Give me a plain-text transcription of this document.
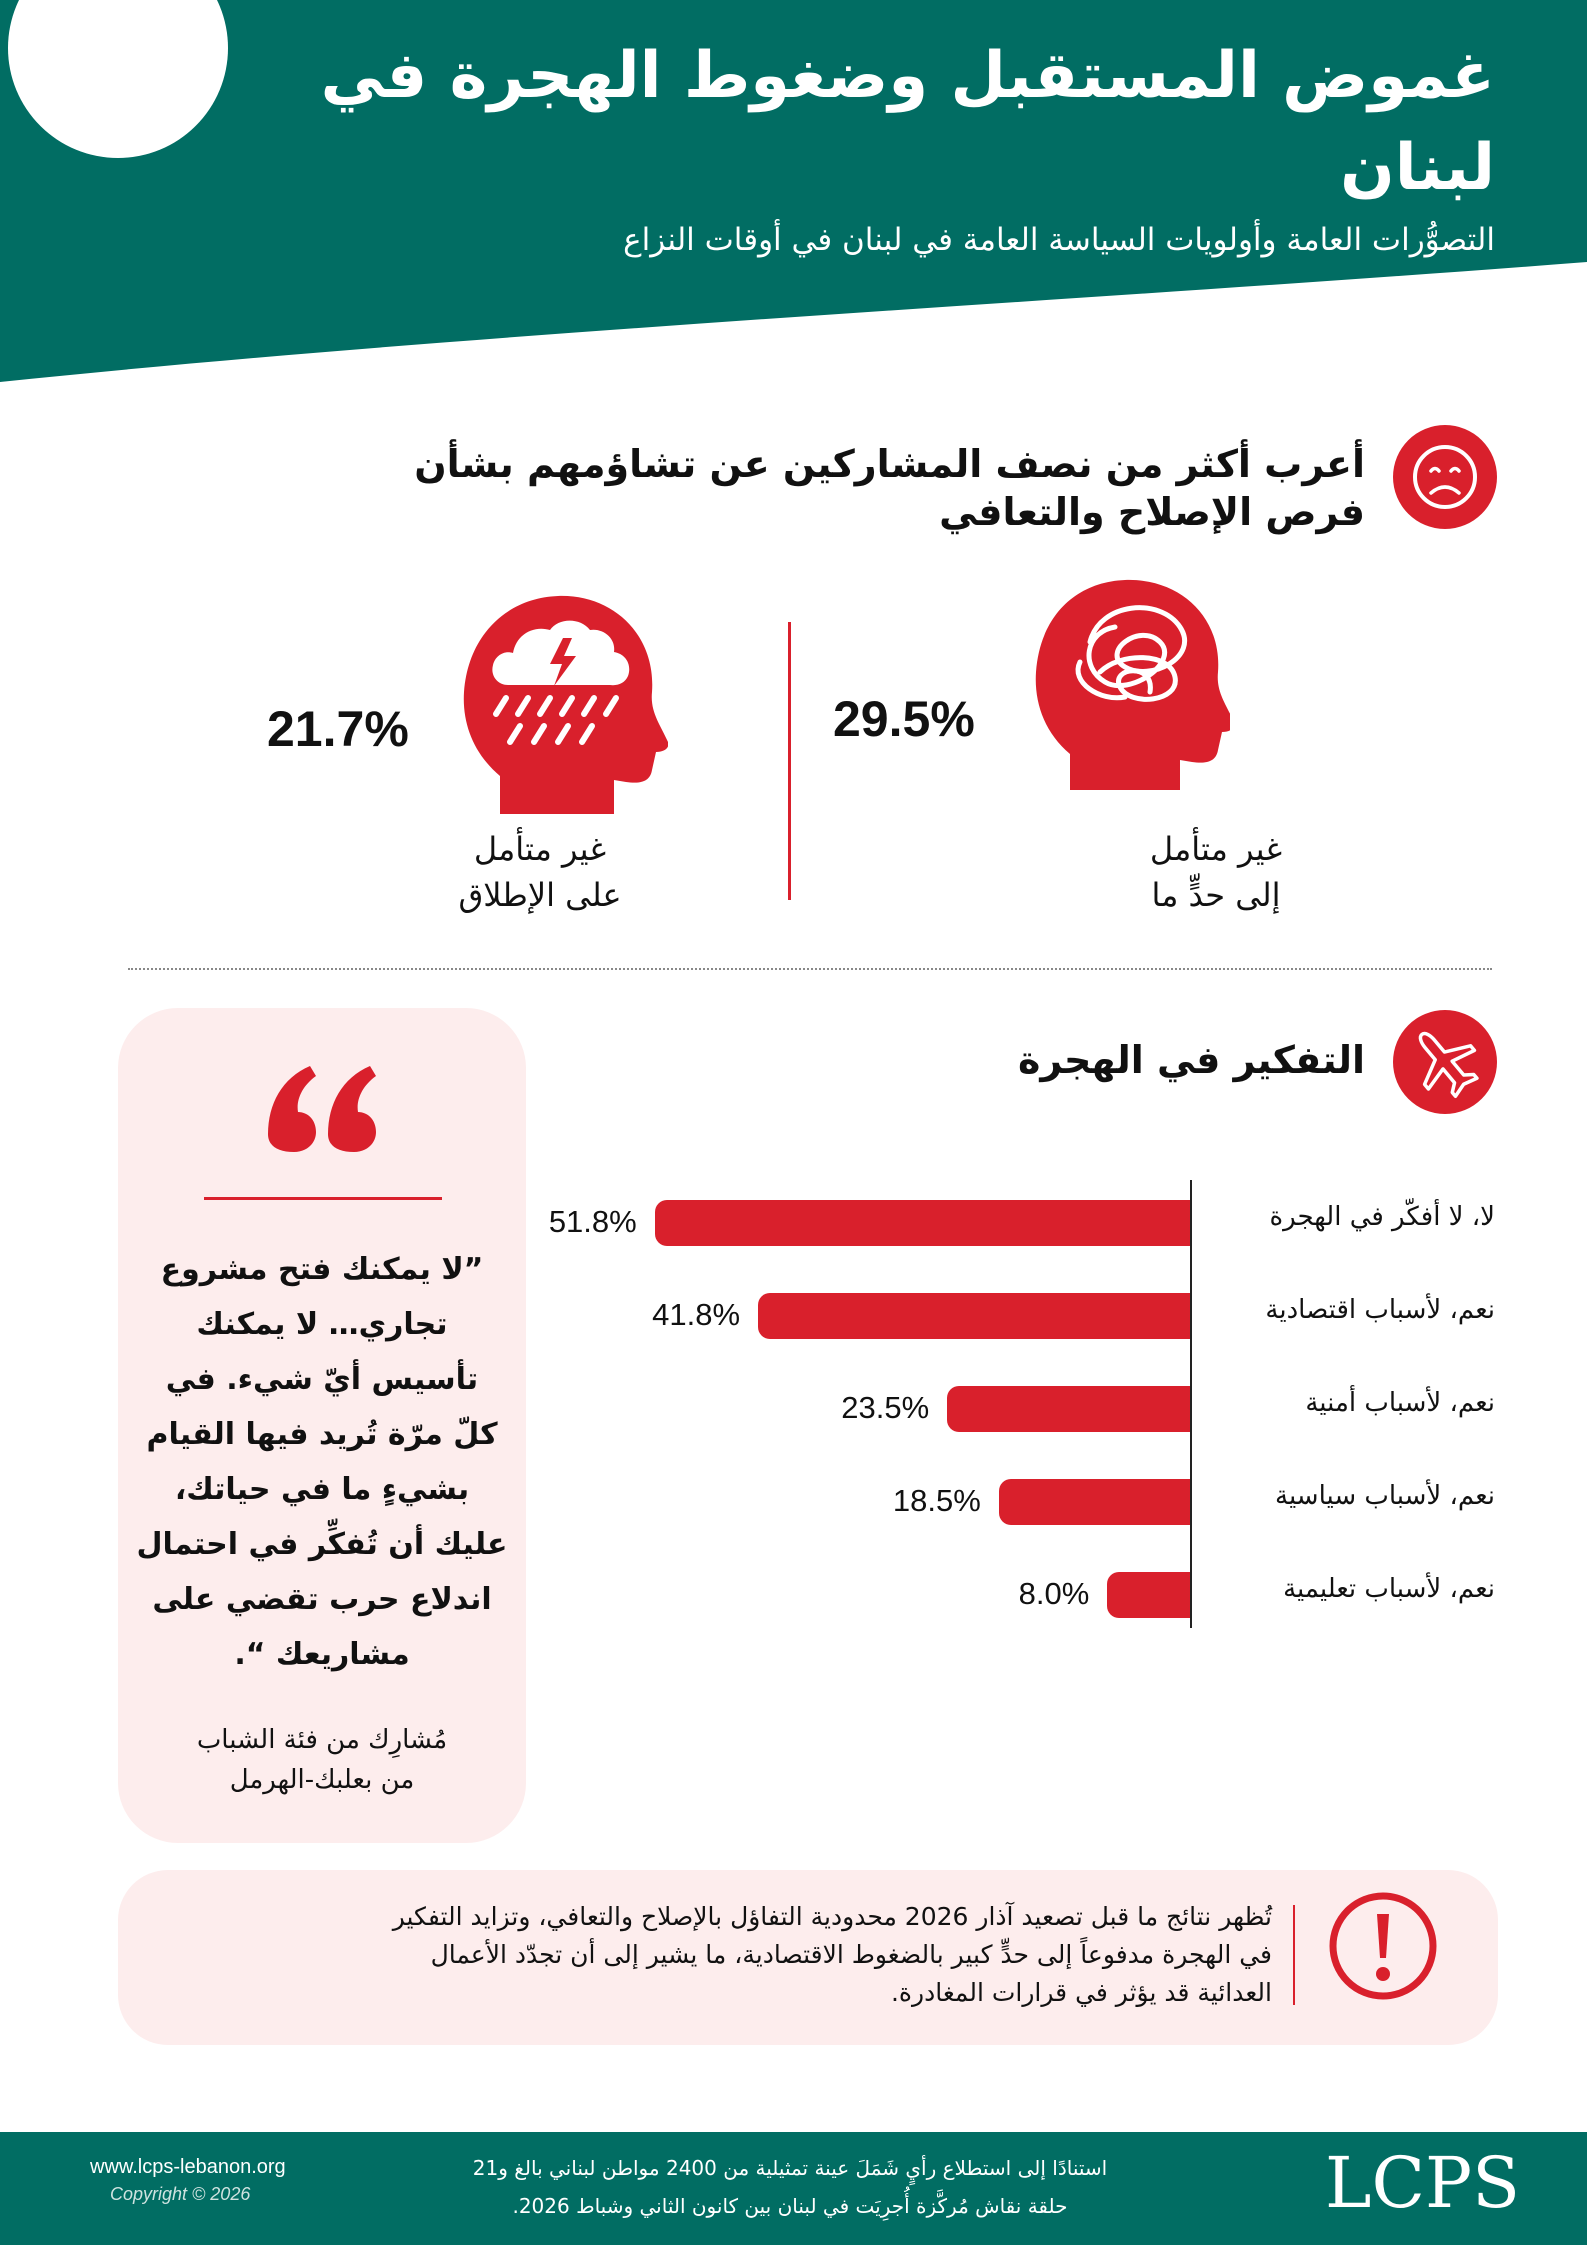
غموض المستقبل وضغوط الهجرة في لبنان
التصوُّرات العامة وأولويات السياسة العامة في لبنان في أوقات النزاع
أعرب أكثر من نصف المشاركين عن تشاؤمهم بشأن فرص الإصلاح والتعافي
29.5%
غير متأمل
إلى حدٍّ ما
21.7%
غير متأمل
على الإطلاق
”لا يمكنك فتح مشروع
تجاري… لا يمكنك
تأسيس أيّ شيء. في
كلّ مرّة تُريد فيها القيام
بشيءٍ ما في حياتك،
عليك أن تُفكِّر في احتمال
اندلاع حرب تقضي على
مشاريعك “.
مُشارِك من فئة الشباب
من بعلبك-الهرمل
التفكير في الهجرة
51.8%	لا، لا أفكّر في الهجرة
41.8%	نعم، لأسباب اقتصادية
23.5%	نعم، لأسباب أمنية
18.5%	نعم، لأسباب سياسية
8.0%	نعم، لأسباب تعليمية
تُظهر نتائج ما قبل تصعيد آذار 2026 محدودية التفاؤل بالإصلاح والتعافي، وتزايد التفكير
في الهجرة مدفوعاً إلى حدٍّ كبير بالضغوط الاقتصادية، ما يشير إلى أن تجدّد الأعمال
العدائية قد يؤثر في قرارات المغادرة.
www.lcps-lebanon.org
Copyright © 2026
استنادًا إلى استطلاع رأيٍ شَمَلَ عينة تمثيلية من 2400 مواطن لبناني بالغ و21
حلقة نقاش مُركَّزة أُجرِيَت في لبنان بين كانون الثاني وشباط 2026.	LCPS
